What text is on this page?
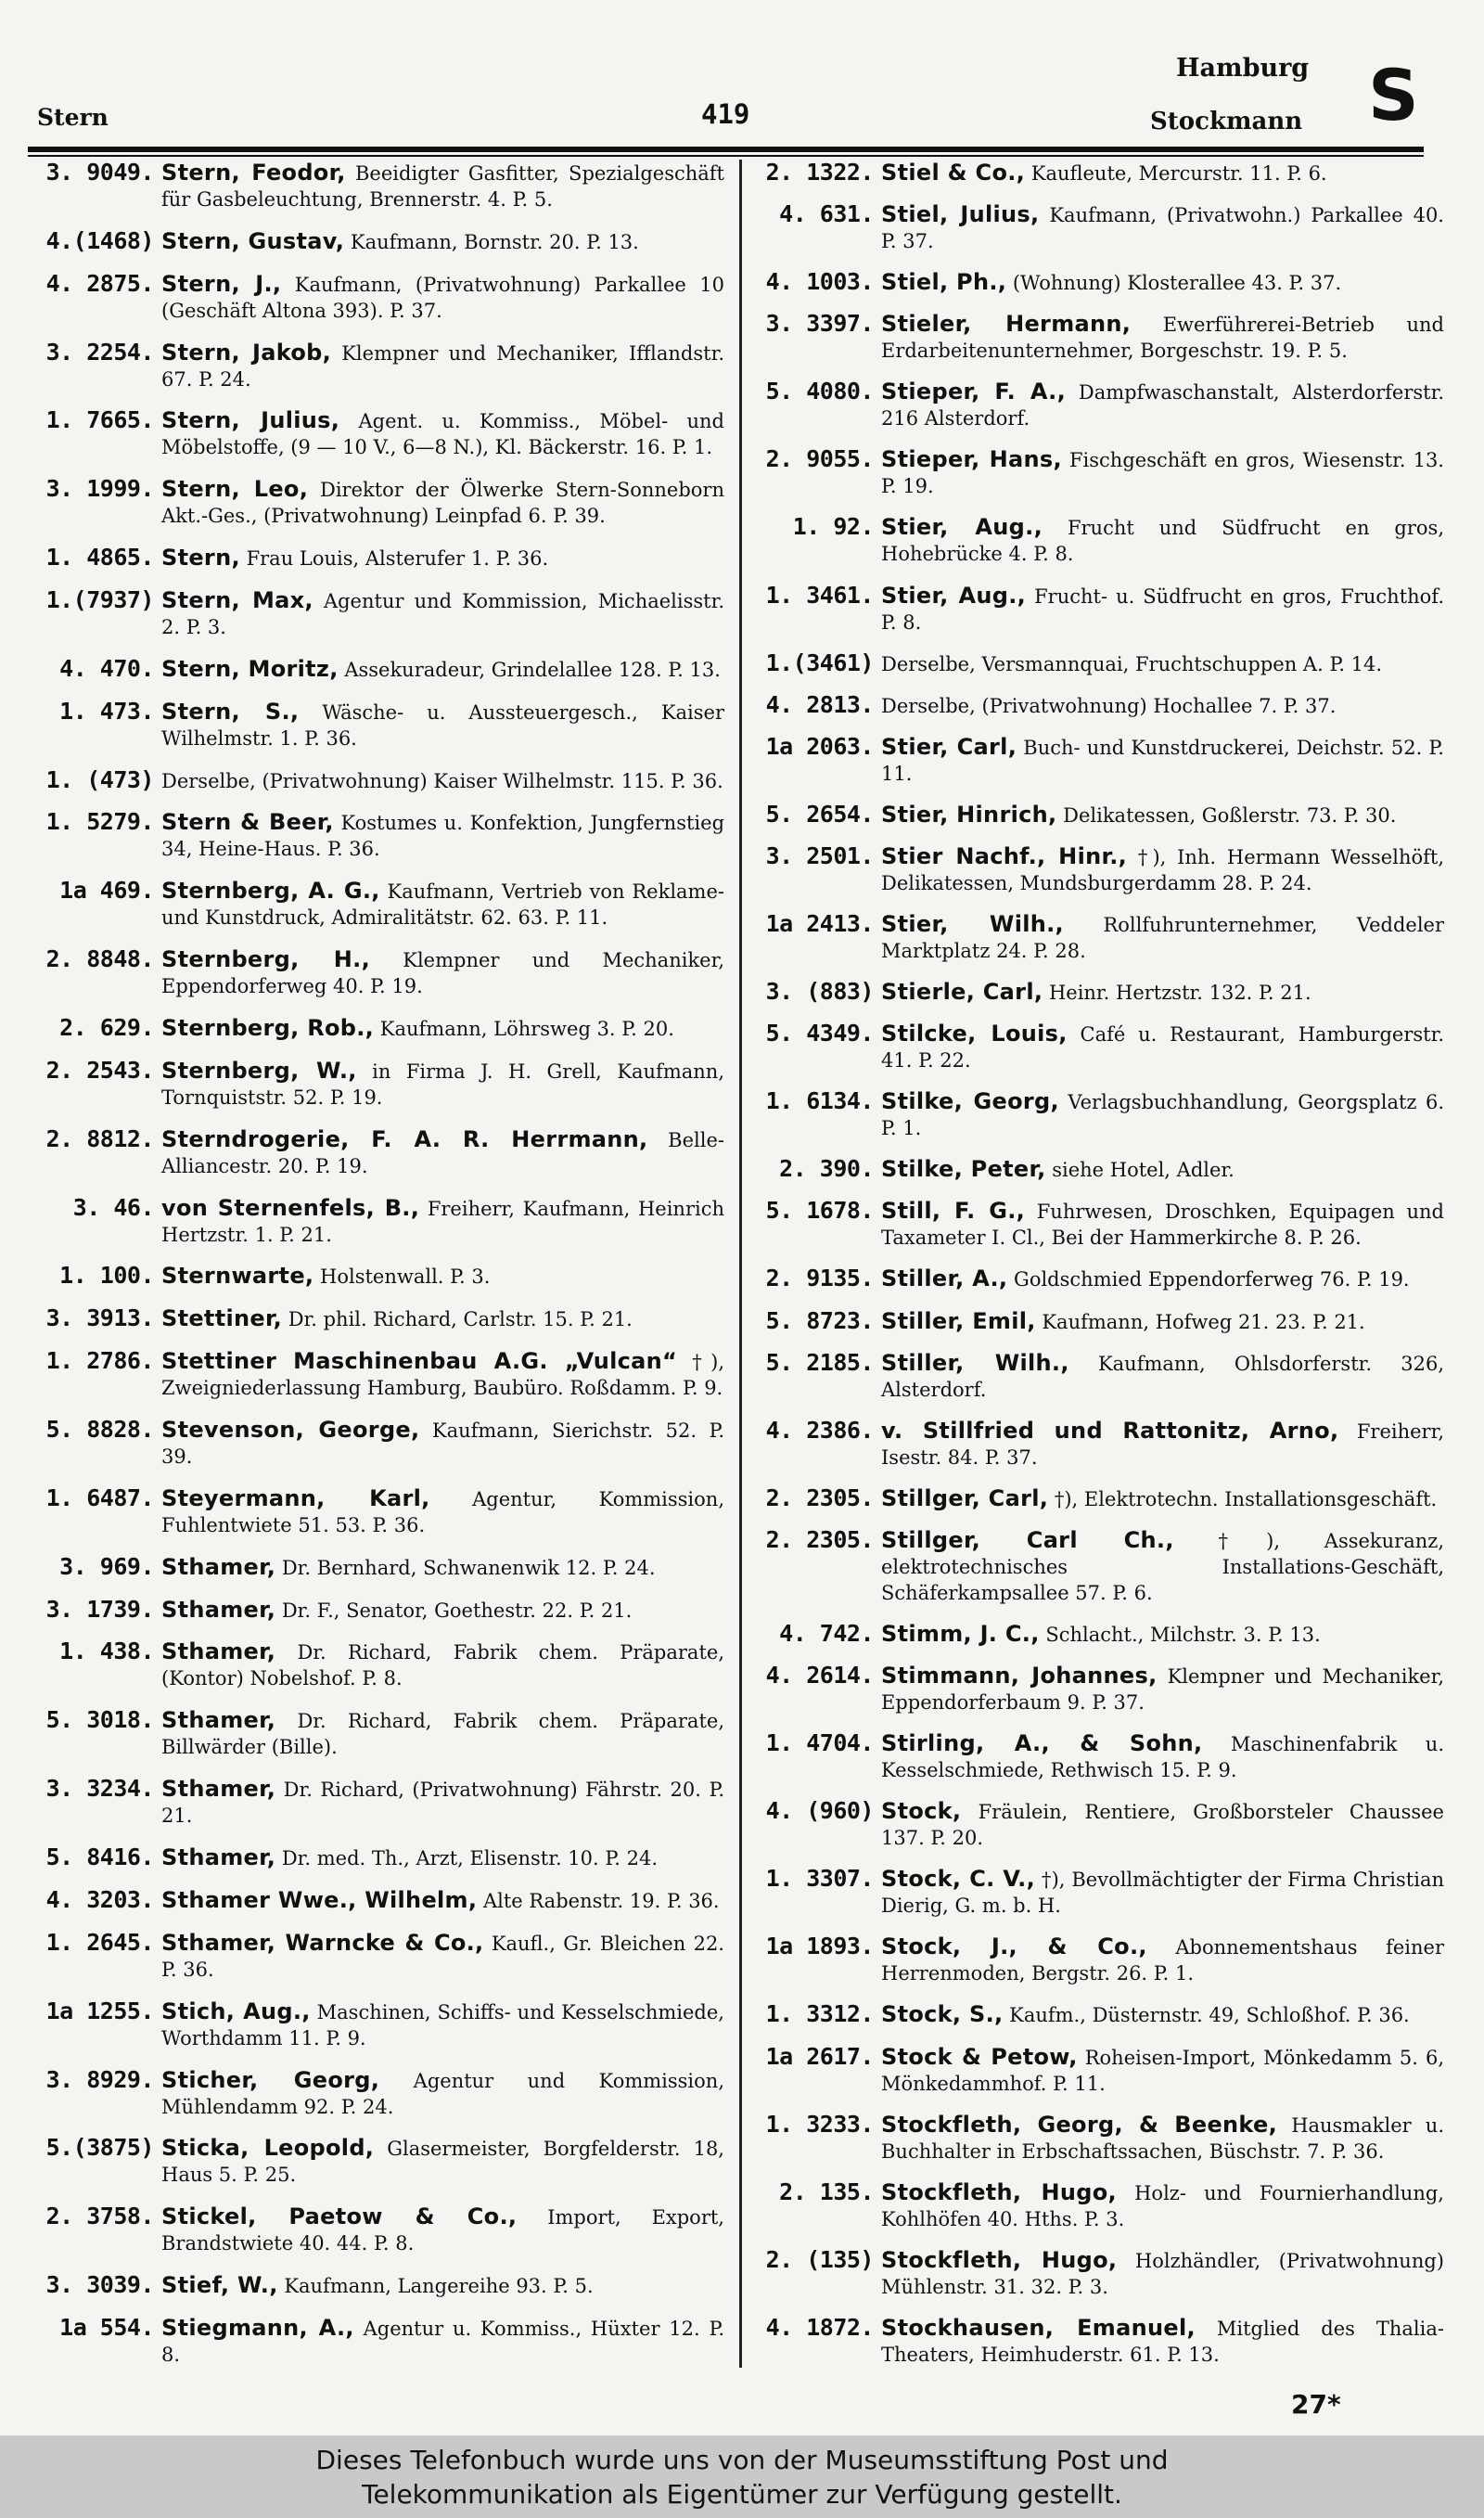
Stern	419
Hamburg
Stockmann S
3. 9049. Stern, Feodor, Beeidigter Gasfitter, Spezialgeschäft für Gasbeleuchtung, Brennerstr. 4. P. 5.
4.(1468) Stern, Gustav, Kaufmann, Bornstr. 20. P. 13.
4. 2875. Stern, J., Kaufmann, (Privatwohnung) Parkallee 10 (Geschäft Altona 393). P. 37.
3. 2254. Stern, Jakob, Klempner und Mechaniker, Ifflandstr. 67. P. 24.
1. 7665. Stern, Julius, Agent. u. Kommiss., Möbel- und Möbelstoffe, (9 — 10 V., 6—8 N.), Kl. Bäckerstr. 16. P. 1.
3. 1999. Stern, Leo, Direktor der Ölwerke Stern-Sonneborn Akt.-Ges., (Privatwohnung) Leinpfad 6. P. 39.
1. 4865. Stern, Frau Louis, Alsterufer 1. P. 36.
1.(7937) Stern, Max, Agentur und Kommission, Michaelisstr. 2. P. 3.
4. 470. Stern, Moritz, Assekuradeur, Grindelallee 128. P. 13.
1. 473. Stern, S., Wäsche- u. Aussteuergesch., Kaiser Wilhelmstr. 1. P. 36.
1. (473) Derselbe, (Privatwohnung) Kaiser Wilhelmstr. 115. P. 36.
1. 5279. Stern & Beer, Kostumes u. Konfektion, Jungfernstieg 34, Heine-Haus. P. 36.
1a 469. Sternberg, A. G., Kaufmann, Vertrieb von Reklame- und Kunstdruck, Admiralitätstr. 62. 63. P. 11.
2. 8848. Sternberg, H., Klempner und Mechaniker, Eppendorferweg 40. P. 19.
2. 629. Sternberg, Rob., Kaufmann, Löhrsweg 3. P. 20.
2. 2543. Sternberg, W., in Firma J. H. Grell, Kaufmann, Tornquiststr. 52. P. 19.
2. 8812. Sterndrogerie, F. A. R. Herrmann, Belle-Alliancestr. 20. P. 19.
3. 46. von Sternenfels, B., Freiherr, Kaufmann, Heinrich Hertzstr. 1. P. 21.
1. 100. Sternwarte, Holstenwall. P. 3.
3. 3913. Stettiner, Dr. phil. Richard, Carlstr. 15. P. 21.
1. 2786. Stettiner Maschinenbau A.G. „Vulcan“ †), Zweigniederlassung Hamburg, Baubüro. Roßdamm. P. 9.
5. 8828. Stevenson, George, Kaufmann, Sierichstr. 52. P. 39.
1. 6487. Steyermann, Karl, Agentur, Kommission, Fuhlentwiete 51. 53. P. 36.
3. 969. Sthamer, Dr. Bernhard, Schwanenwik 12. P. 24.
3. 1739. Sthamer, Dr. F., Senator, Goethestr. 22. P. 21.
1. 438. Sthamer, Dr. Richard, Fabrik chem. Präparate, (Kontor) Nobelshof. P. 8.
5. 3018. Sthamer, Dr. Richard, Fabrik chem. Präparate, Billwärder (Bille).
3. 3234. Sthamer, Dr. Richard, (Privatwohnung) Fährstr. 20. P. 21.
5. 8416. Sthamer, Dr. med. Th., Arzt, Elisenstr. 10. P. 24.
4. 3203. Sthamer Wwe., Wilhelm, Alte Rabenstr. 19. P. 36.
1. 2645. Sthamer, Warncke & Co., Kaufl., Gr. Bleichen 22. P. 36.
1a 1255. Stich, Aug., Maschinen, Schiffs- und Kesselschmiede, Worthdamm 11. P. 9.
3. 8929. Sticher, Georg, Agentur und Kommission, Mühlendamm 92. P. 24.
5.(3875) Sticka, Leopold, Glasermeister, Borgfelderstr. 18, Haus 5. P. 25.
2. 3758. Stickel, Paetow & Co., Import, Export, Brandstwiete 40. 44. P. 8.
3. 3039. Stief, W., Kaufmann, Langereihe 93. P. 5.
1a 554. Stiegmann, A., Agentur u. Kommiss., Hüxter 12. P. 8.
2. 1322. Stiel & Co., Kaufleute, Mercurstr. 11. P. 6.
4. 631. Stiel, Julius, Kaufmann, (Privatwohn.) Parkallee 40. P. 37.
4. 1003. Stiel, Ph., (Wohnung) Klosterallee 43. P. 37.
3. 3397. Stieler, Hermann, Ewerführerei-Betrieb und Erdarbeitenunternehmer, Borgeschstr. 19. P. 5.
5. 4080. Stieper, F. A., Dampfwaschanstalt, Alsterdorferstr. 216 Alsterdorf.
2. 9055. Stieper, Hans, Fischgeschäft en gros, Wiesenstr. 13. P. 19.
1. 92. Stier, Aug., Frucht und Südfrucht en gros, Hohebrücke 4. P. 8.
1. 3461. Stier, Aug., Frucht- u. Südfrucht en gros, Fruchthof. P. 8.
1.(3461) Derselbe, Versmannquai, Fruchtschuppen A. P. 14.
4. 2813. Derselbe, (Privatwohnung) Hochallee 7. P. 37.
1a 2063. Stier, Carl, Buch- und Kunstdruckerei, Deichstr. 52. P. 11.
5. 2654. Stier, Hinrich, Delikatessen, Goßlerstr. 73. P. 30.
3. 2501. Stier Nachf., Hinr., †), Inh. Hermann Wesselhöft, Delikatessen, Mundsburgerdamm 28. P. 24.
1a 2413. Stier, Wilh., Rollfuhrunternehmer, Veddeler Marktplatz 24. P. 28.
3. (883) Stierle, Carl, Heinr. Hertzstr. 132. P. 21.
5. 4349. Stilcke, Louis, Café u. Restaurant, Hamburgerstr. 41. P. 22.
1. 6134. Stilke, Georg, Verlagsbuchhandlung, Georgsplatz 6. P. 1.
2. 390. Stilke, Peter, siehe Hotel, Adler.
5. 1678. Still, F. G., Fuhrwesen, Droschken, Equipagen und Taxameter I. Cl., Bei der Hammerkirche 8. P. 26.
2. 9135. Stiller, A., Goldschmied Eppendorferweg 76. P. 19.
5. 8723. Stiller, Emil, Kaufmann, Hofweg 21. 23. P. 21.
5. 2185. Stiller, Wilh., Kaufmann, Ohlsdorferstr. 326, Alsterdorf.
4. 2386. v. Stillfried und Rattonitz, Arno, Freiherr, Isestr. 84. P. 37.
2. 2305. Stillger, Carl, †), Elektrotechn. Installationsgeschäft.
2. 2305. Stillger, Carl Ch., †), Assekuranz, elektrotechnisches Installations-Geschäft, Schäferkampsallee 57. P. 6.
4. 742. Stimm, J. C., Schlacht., Milchstr. 3. P. 13.
4. 2614. Stimmann, Johannes, Klempner und Mechaniker, Eppendorferbaum 9. P. 37.
1. 4704. Stirling, A., & Sohn, Maschinenfabrik u. Kesselschmiede, Rethwisch 15. P. 9.
4. (960) Stock, Fräulein, Rentiere, Großborsteler Chaussee 137. P. 20.
1. 3307. Stock, C. V., †), Bevollmächtigter der Firma Christian Dierig, G. m. b. H.
1a 1893. Stock, J., & Co., Abonnementshaus feiner Herrenmoden, Bergstr. 26. P. 1.
1. 3312. Stock, S., Kaufm., Düsternstr. 49, Schloßhof. P. 36.
1a 2617. Stock & Petow, Roheisen-Import, Mönkedamm 5. 6, Mönkedammhof. P. 11.
1. 3233. Stockfleth, Georg, & Beenke, Hausmakler u. Buchhalter in Erbschaftssachen, Büschstr. 7. P. 36.
2. 135. Stockfleth, Hugo, Holz- und Fournierhandlung, Kohlhöfen 40. Hths. P. 3.
2. (135) Stockfleth, Hugo, Holzhändler, (Privatwohnung) Mühlenstr. 31. 32. P. 3.
4. 1872. Stockhausen, Emanuel, Mitglied des Thalia-Theaters, Heimhuderstr. 61. P. 13.
27*
Dieses Telefonbuch wurde uns von der Museumsstiftung Post und
Telekommunikation als Eigentümer zur Verfügung gestellt.
